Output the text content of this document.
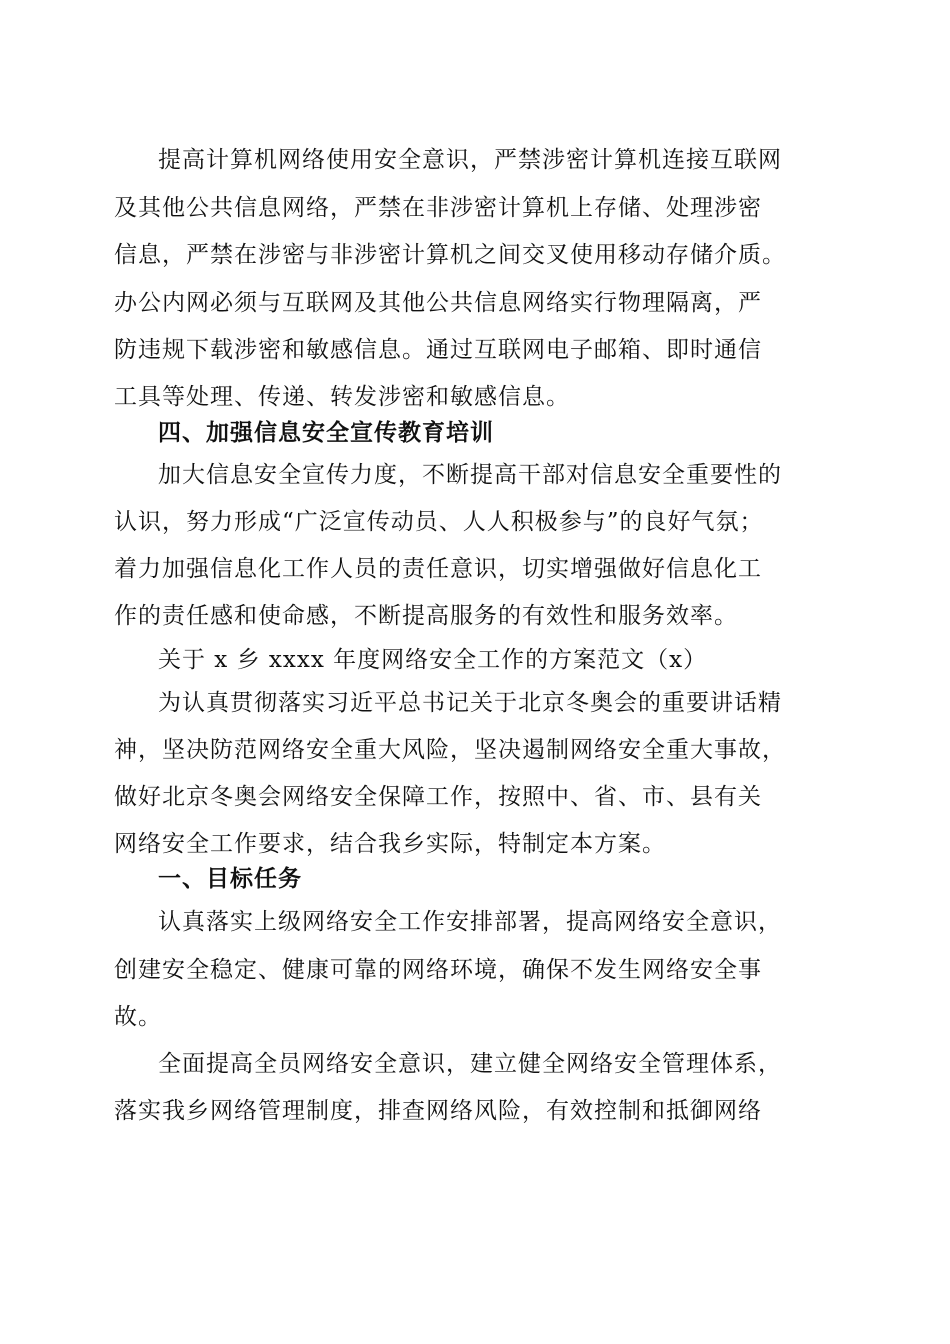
提高计算机网络使用安全意识，严禁涉密计算机连接互联网
及其他公共信息网络，严禁在非涉密计算机上存储、处理涉密
信息，严禁在涉密与非涉密计算机之间交叉使用移动存储介质。
办公内网必须与互联网及其他公共信息网络实行物理隔离，严
防违规下载涉密和敏感信息。通过互联网电子邮箱、即时通信
工具等处理、传递、转发涉密和敏感信息。
四、加强信息安全宣传教育培训
加大信息安全宣传力度，不断提高干部对信息安全重要性的
认识，努力形成“广泛宣传动员、人人积极参与”的良好气氛；
着力加强信息化工作人员的责任意识，切实增强做好信息化工
作的责任感和使命感，不断提高服务的有效性和服务效率。
关于 x 乡 xxxx 年度网络安全工作的方案范文（x）
为认真贯彻落实习近平总书记关于北京冬奥会的重要讲话精
神，坚决防范网络安全重大风险，坚决遏制网络安全重大事故，
做好北京冬奥会网络安全保障工作，按照中、省、市、县有关
网络安全工作要求，结合我乡实际，特制定本方案。
一、目标任务
认真落实上级网络安全工作安排部署，提高网络安全意识，
创建安全稳定、健康可靠的网络环境，确保不发生网络安全事
故。
全面提高全员网络安全意识，建立健全网络安全管理体系，
落实我乡网络管理制度，排查网络风险，有效控制和抵御网络
